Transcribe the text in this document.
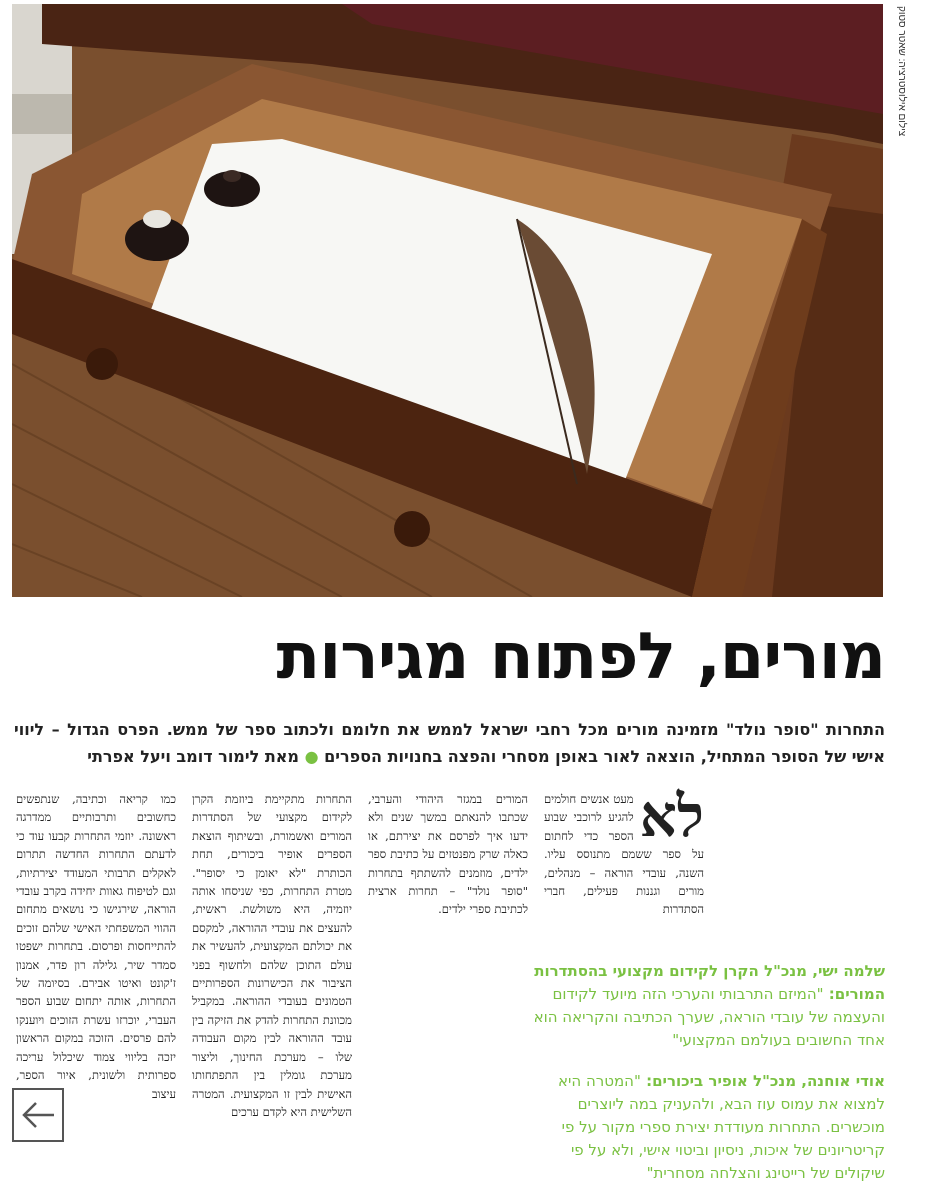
צילום אילוסטרציה: שאטר סטוק
מורים, לפתוח מגירות
התחרות "סופר נולד" מזמינה מורים מכל רחבי ישראל לממש את חלומם ולכתוב ספר של ממש. הפרס הגדול – ליווי אישי של הסופר המתחיל, הוצאה לאור באופן מסחרי והפצה בחנויות הספרים ● מאת לימור דומב ויעל אפרתי
לא

מעט אנשים חולמים להגיע לרוכבי שבוע הספר כדי לחתום על ספר ששמם מתנוסס עליו. השנה, עובדי הוראה – מנהלים, מורים וגננות פעילים, חברי הסתדרות

המורים במגזר היהודי והערבי, שכתבו להנאתם במשך שנים ולא ידעו איך לפרסם את יצירתם, או כאלה שרק מפנטזים על כתיבת ספר ילדים, מוזמנים להשתתף בתחרות "סופר נולד" – תחרות ארצית לכתיבת ספרי ילדים.

התחרות מתקיימת ביוזמת הקרן לקידום מקצועי של הסתדרות המורים ואשמורת, ובשיתוף הוצאת הספרים אופיר ביכורים, תחת הכותרת "לא יאומן כי יסופר". מטרת התחרות, כפי שניסחו אותה יוזמיה, היא משולשת. ראשית, להעצים את עובדי ההוראה, למקסם את יכולתם המקצועית, להעשיר את עולם התוכן שלהם ולחשוף בפני הציבור את הכישרונות הספרותיים הטמונים בעובדי ההוראה. במקביל מכוונת התחרות להדק את הזיקה בין עובד ההוראה לבין מקום העבודה שלו – מערכת החינוך, וליצור מערכת גומלין בין התפתחותו האישית לבין זו המקצועית. המטרה השלישית היא לקדם ערכים

כמו קריאה וכתיבה, שנתפשים כחשובים ותרבותיים ממדרגה ראשונה. יוזמי התחרות קבעו עוד כי לדעתם התחרות החדשה תתרום לאקלים תרבותי המעודד יצירתיות, וגם לטיפוח גאוות יחידה בקרב עובדי הוראה, שירגישו כי נושאים מתחום ההווי המשפחתי האישי שלהם זוכים להתייחסות ופרסום. בתחרות ישפטו סמדר שיר, גלילה רון פדר, אמנון ז'קונט ואיטו אבירם. בסיומה של התחרות, אותה יתחום שבוע הספר העברי, יוכרזו עשרת הזוכים ויוענקו להם פרסים. הזוכה במקום הראשון יזכה בליווי צמוד שיכלול עריכה ספרותית ולשונית, איור הספר, עיצוב

שלמה ישי, מנכ"ל הקרן לקידום מקצועי בהסתדרות המורים: "המיזם התרבותי והערכי הזה מיועד לקידום והעצמה של עובדי הוראה, שערך הכתיבה והקריאה הוא אחד החשובים בעולמם המקצועי"

אודי אוחנה, מנכ"ל אופיר ביכורים: "המטרה היא למצוא את עמוס עוז הבא, ולהעניק במה ליוצרים מוכשרים. התחרות מעודדת יצירת ספרי מקור על פי קריטריונים של איכות, ניסיון וביטוי אישי, ולא על פי שיקולים של רייטינג והצלחה מסחרית"
